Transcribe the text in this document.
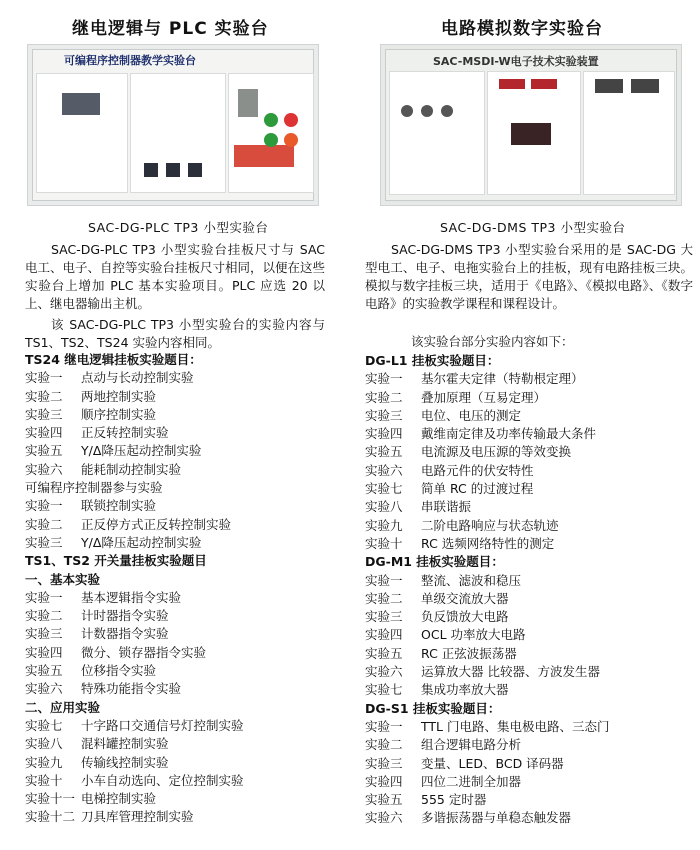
继电逻辑与 PLC 实验台
可编程序控制器教学实验台
SAC-DG-PLC TP3 小型实验台
SAC-DG-PLC TP3 小型实验台挂板尺寸与 SAC 电工、电子、自控等实验台挂板尺寸相同，以便在这些实验台上增加 PLC 基本实验项目。PLC 应选 20 以上、继电器输出主机。
该 SAC-DG-PLC TP3 小型实验台的实验内容与 TS1、TS2、TS24 实验内容相同。
TS24 继电逻辑挂板实验题目：
实验一 点动与长动控制实验
实验二 两地控制实验
实验三 顺序控制实验
实验四 正反转控制实验
实验五 Y/Δ降压起动控制实验
实验六 能耗制动控制实验
可编程序控制器参与实验
实验一 联锁控制实验
实验二 正反停方式正反转控制实验
实验三 Y/Δ降压起动控制实验
TS1、TS2 开关量挂板实验题目
一、基本实验
实验一 基本逻辑指令实验
实验二 计时器指令实验
实验三 计数器指令实验
实验四 微分、锁存器指令实验
实验五 位移指令实验
实验六 特殊功能指令实验
二、应用实验
实验七 十字路口交通信号灯控制实验
实验八 混料罐控制实验
实验九 传输线控制实验
实验十 小车自动选向、定位控制实验
实验十一 电梯控制实验
实验十二 刀具库管理控制实验
电路模拟数字实验台
SAC-MSDI-W电子技术实验装置
SAC-DG-DMS TP3 小型实验台
SAC-DG-DMS TP3 小型实验台采用的是 SAC-DG 大型电工、电子、电拖实验台上的挂板，现有电路挂板三块。模拟与数字挂板三块，适用于《电路》、《模拟电路》、《数字电路》的实验教学课程和课程设计。
该实验台部分实验内容如下：
DG-L1 挂板实验题目：
实验一 基尔霍夫定律（特勒根定理）
实验二 叠加原理（互易定理）
实验三 电位、电压的测定
实验四 戴维南定律及功率传输最大条件
实验五 电流源及电压源的等效变换
实验六 电路元件的伏安特性
实验七 简单 RC 的过渡过程
实验八 串联谐振
实验九 二阶电路响应与状态轨迹
实验十 RC 选频网络特性的测定
DG-M1 挂板实验题目：
实验一 整流、滤波和稳压
实验二 单级交流放大器
实验三 负反馈放大电路
实验四 OCL 功率放大电路
实验五 RC 正弦波振荡器
实验六 运算放大器 比较器、方波发生器
实验七 集成功率放大器
DG-S1 挂板实验题目：
实验一 TTL 门电路、集电极电路、三态门
实验二 组合逻辑电路分析
实验三 变量、LED、BCD 译码器
实验四 四位二进制全加器
实验五 555 定时器
实验六 多谐振荡器与单稳态触发器
